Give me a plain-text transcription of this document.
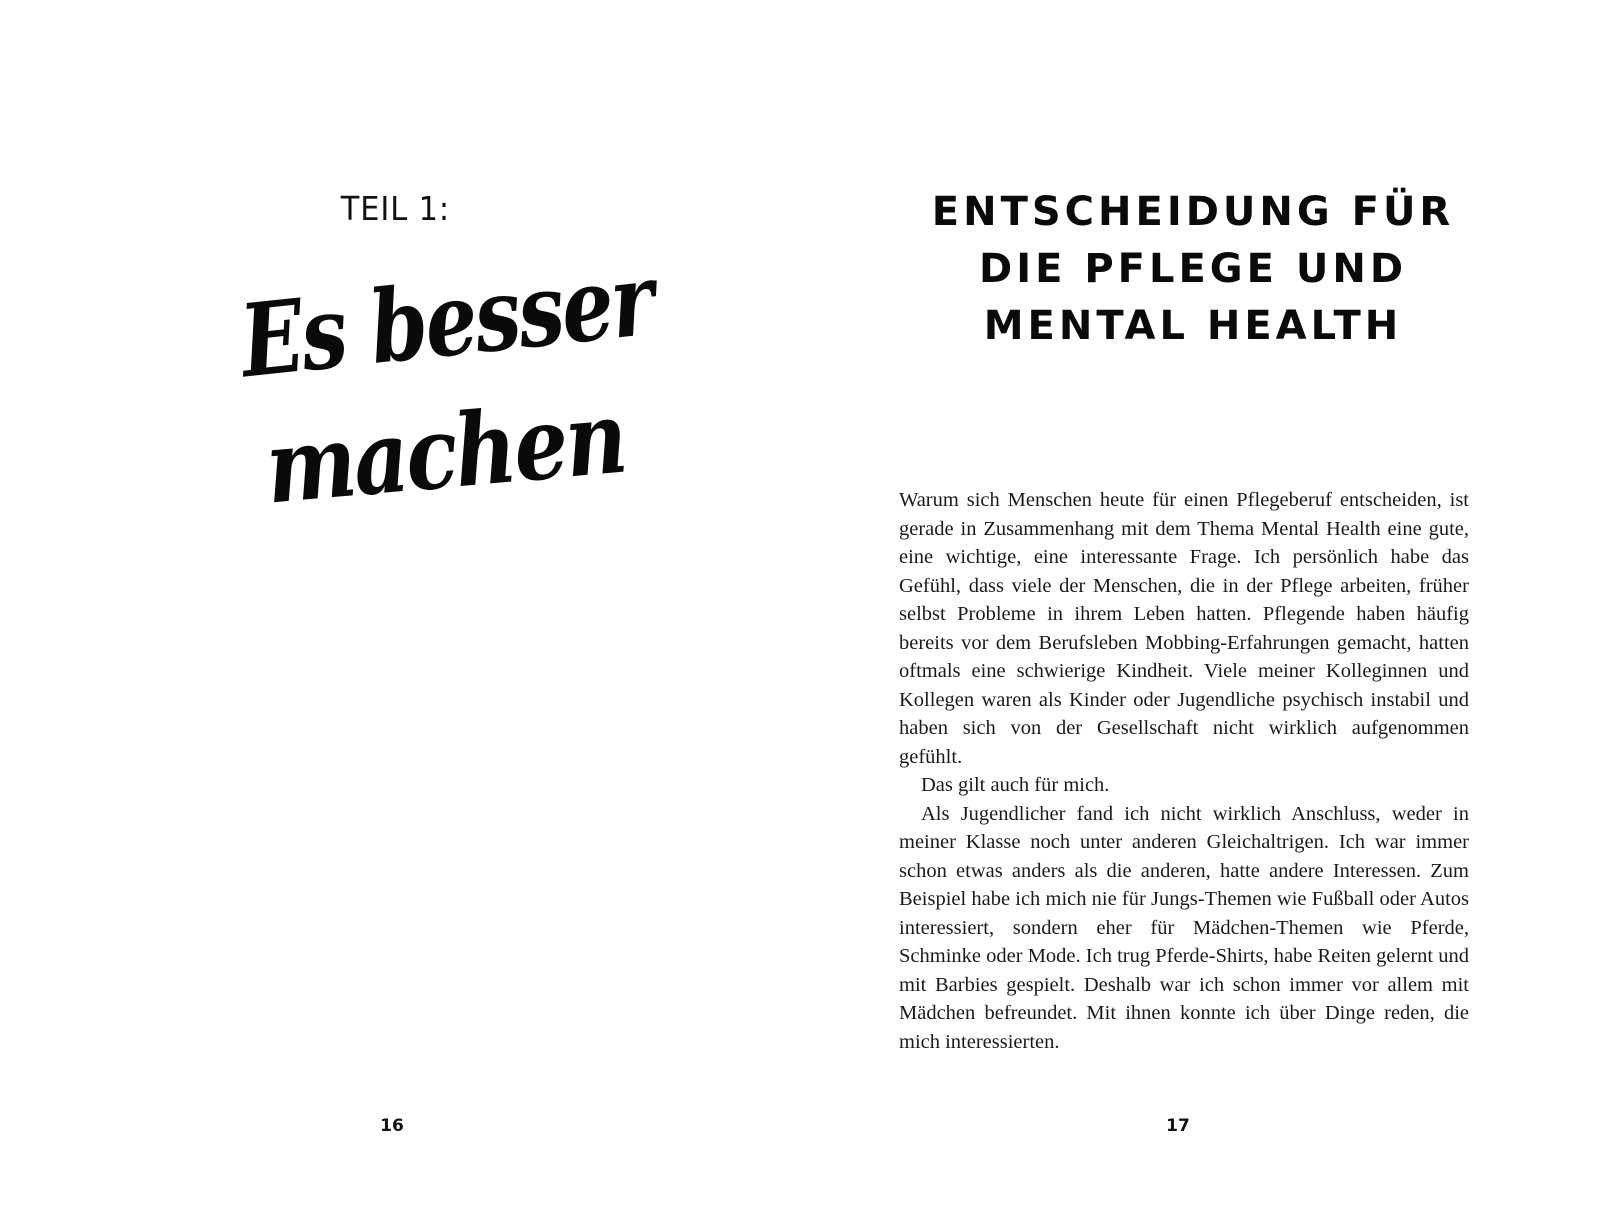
TEIL 1:
Es besser
machen
16
ENTSCHEIDUNG FÜR DIE PFLEGE UND MENTAL HEALTH

Warum sich Menschen heute für einen Pflegeberuf entscheiden, ist gerade in Zusammenhang mit dem Thema Mental Health eine gute, eine wichtige, eine interessante Frage. Ich persönlich habe das Gefühl, dass viele der Menschen, die in der Pflege arbeiten, früher selbst Probleme in ihrem Leben hatten. Pflegende haben häufig bereits vor dem Berufsleben Mobbing-Erfahrungen gemacht, hatten oftmals eine schwierige Kindheit. Viele meiner Kolleginnen und Kollegen waren als Kinder oder Jugendliche psychisch instabil und haben sich von der Gesellschaft nicht wirklich aufgenommen gefühlt.

Das gilt auch für mich.

Als Jugendlicher fand ich nicht wirklich Anschluss, weder in meiner Klasse noch unter anderen Gleichaltrigen. Ich war immer schon etwas anders als die anderen, hatte andere Interessen. Zum Beispiel habe ich mich nie für Jungs-Themen wie Fußball oder Autos interessiert, sondern eher für Mädchen-Themen wie Pferde, Schminke oder Mode. Ich trug Pferde-Shirts, habe Reiten gelernt und mit Barbies gespielt. Deshalb war ich schon immer vor allem mit Mädchen befreundet. Mit ihnen konnte ich über Dinge reden, die mich interessierten.

17
